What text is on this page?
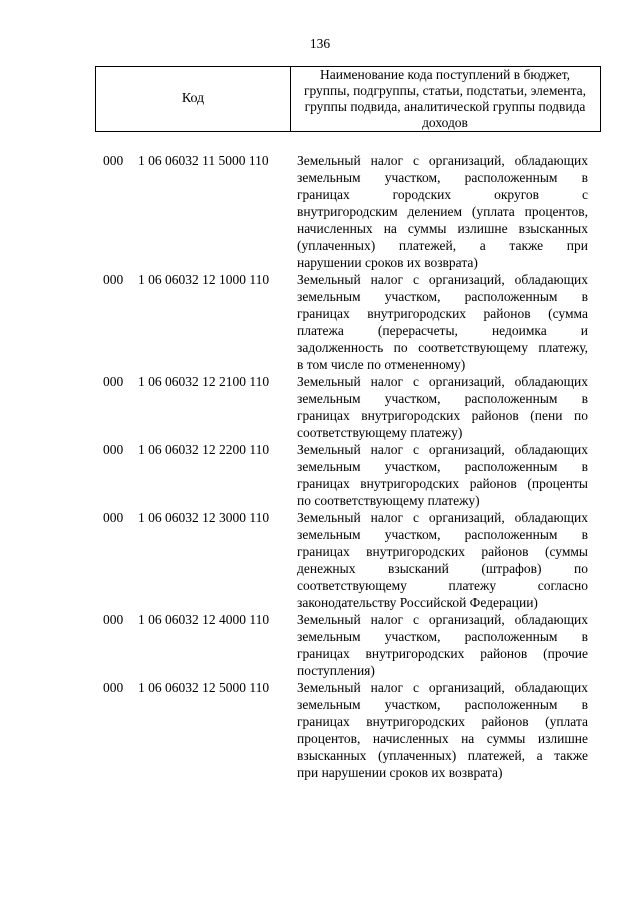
136
Код
Наименование кода поступлений в бюджет, группы, подгруппы, статьи, подстатьи, элемента, группы подвида, аналитической группы подвида доходов
000 1 06 06032 11 5000 110	Земельный налог с организаций, обладающих
земельным участком, расположенным в
границах городских округов с
внутригородским делением (уплата процентов,
начисленных на суммы излишне взысканных
(уплаченных) платежей, а также при
нарушении сроков их возврата)
000 1 06 06032 12 1000 110	Земельный налог с организаций, обладающих
земельным участком, расположенным в
границах внутригородских районов (сумма
платежа (перерасчеты, недоимка и
задолженность по соответствующему платежу,
в том числе по отмененному)
000 1 06 06032 12 2100 110	Земельный налог с организаций, обладающих
земельным участком, расположенным в
границах внутригородских районов (пени по
соответствующему платежу)
000 1 06 06032 12 2200 110	Земельный налог с организаций, обладающих
земельным участком, расположенным в
границах внутригородских районов (проценты
по соответствующему платежу)
000 1 06 06032 12 3000 110	Земельный налог с организаций, обладающих
земельным участком, расположенным в
границах внутригородских районов (суммы
денежных взысканий (штрафов) по
соответствующему платежу согласно
законодательству Российской Федерации)
000 1 06 06032 12 4000 110	Земельный налог с организаций, обладающих
земельным участком, расположенным в
границах внутригородских районов (прочие
поступления)
000 1 06 06032 12 5000 110	Земельный налог с организаций, обладающих
земельным участком, расположенным в
границах внутригородских районов (уплата
процентов, начисленных на суммы излишне
взысканных (уплаченных) платежей, а также
при нарушении сроков их возврата)
